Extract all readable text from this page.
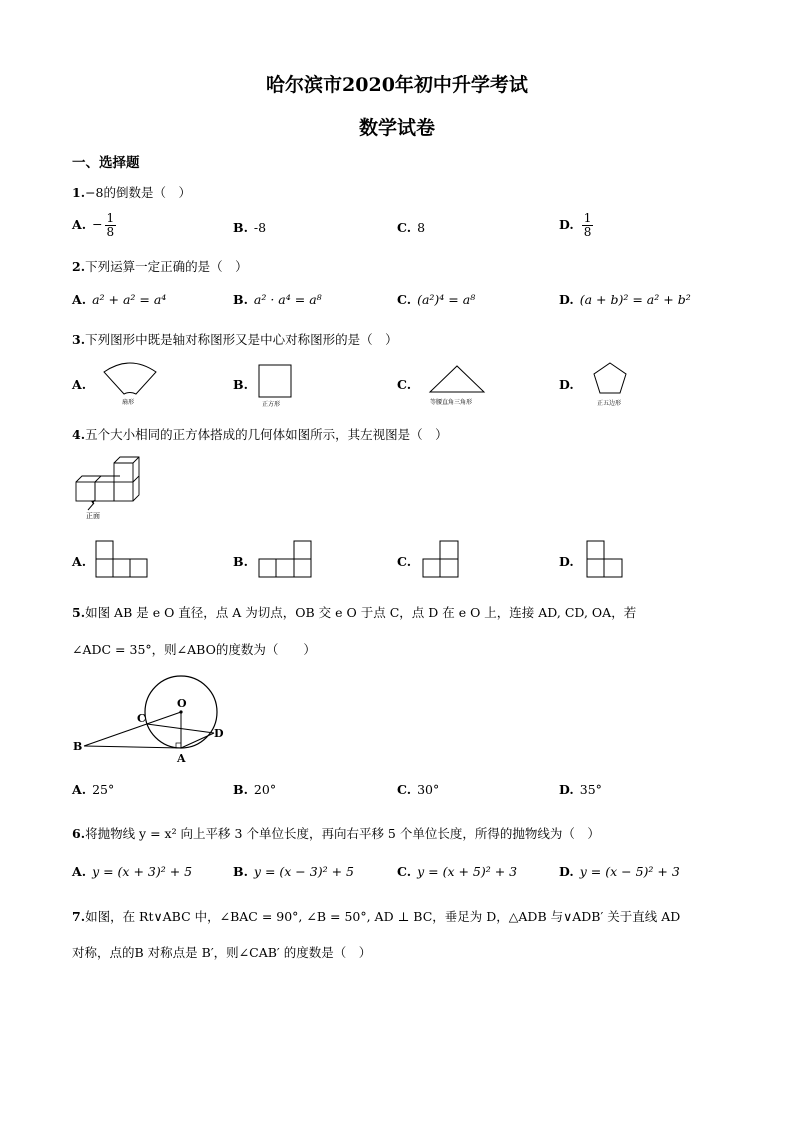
哈尔滨市2020年初中升学考试
数学试卷
一、选择题
1.−8的倒数是（　）
A. − $\frac{1}{8}$	B. -8	C. 8	D. $\frac{1}{8}$
2.下列运算一定正确的是（　）
A. a² + a² = a⁴	B. a² · a⁴ = a⁸	C. (a²)⁴ = a⁸	D. (a + b)² = a² + b²
3.下列图形中既是轴对称图形又是中心对称图形的是（　）
A.	B.	C.	D.
扇形	正方形	等腰直角三角形	正五边形
4.五个大小相同的正方体搭成的几何体如图所示，其左视图是（　）
正面
A.	B.	C.	D.
5.如图 AB 是 e O 直径，点 A 为切点，OB 交 e O 于点 C，点 D 在 e O 上，连接 AD, CD, OA，若
∠ADC = 35°，则∠ABO的度数为（　　）
O
C
B
A
D
A. 25°	B. 20°	C. 30°	D. 35°
6.将抛物线 y = x² 向上平移 3 个单位长度，再向右平移 5 个单位长度，所得的抛物线为（　）
A. y = (x + 3)² + 5	B. y = (x − 3)² + 5	C. y = (x + 5)² + 3	D. y = (x − 5)² + 3
7.如图，在 Rt∨ABC 中，∠BAC = 90°, ∠B = 50°, AD ⊥ BC，垂足为 D，△ADB 与∨ADB′ 关于直线 AD
对称，点的B 对称点是 B′，则∠CAB′ 的度数是（　）
